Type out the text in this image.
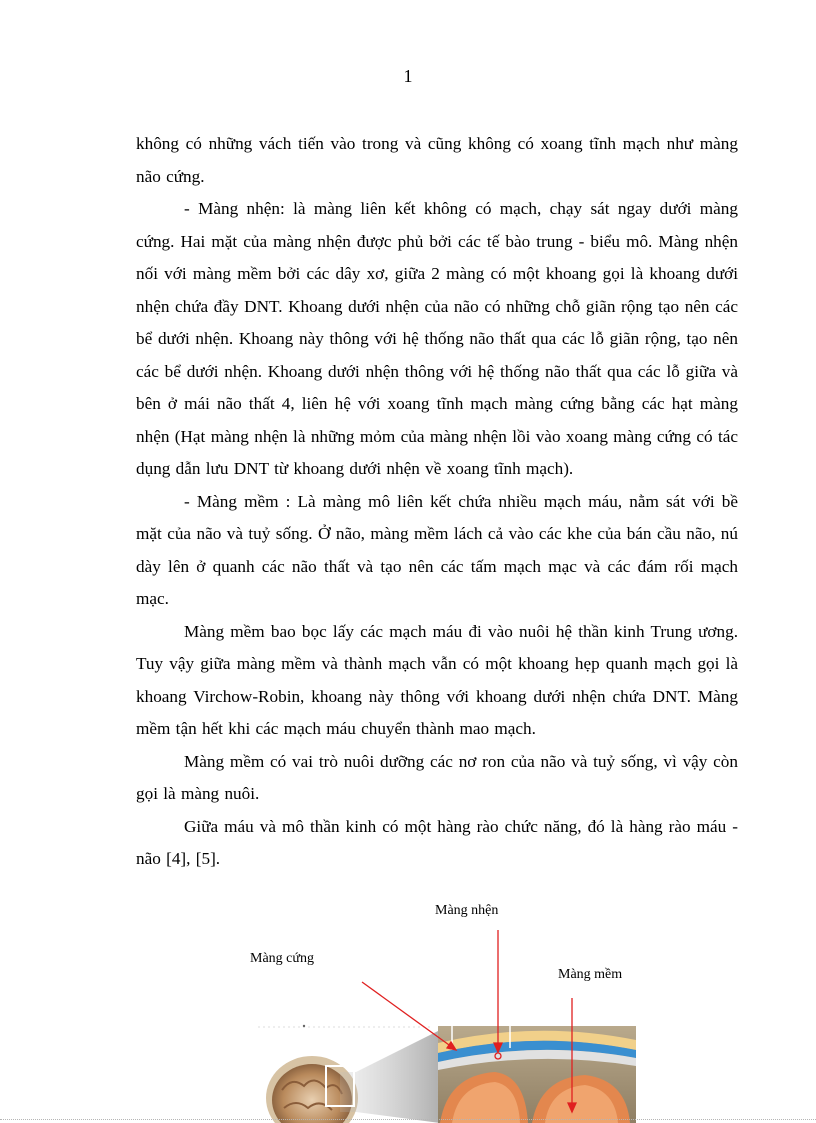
1

không có những vách tiến vào trong và cũng không có xoang tĩnh mạch như màng não cứng.

- Màng nhện: là màng liên kết không có mạch, chạy sát ngay dưới màng cứng. Hai mặt của màng nhện được phủ bởi các tế bào trung - biểu mô. Màng nhện nối với màng mềm bởi các dây xơ, giữa 2 màng có một khoang gọi là khoang dưới nhện chứa đầy DNT. Khoang dưới nhện của não có những chỗ giãn rộng tạo nên các bể dưới nhện. Khoang này thông với hệ thống não thất qua các lỗ giãn rộng, tạo nên các bể dưới nhện. Khoang dưới nhện thông với hệ thống não thất qua các lỗ giữa và bên ở mái não thất 4, liên hệ với xoang tĩnh mạch màng cứng bằng các hạt màng nhện (Hạt màng nhện là những mỏm của màng nhện lồi vào xoang màng cứng có tác dụng dẫn lưu DNT từ khoang dưới nhện về xoang tĩnh mạch).

- Màng mềm : Là màng mô liên kết chứa nhiều mạch máu, nằm sát với bề mặt của não và tuỷ sống. Ở não, màng mềm lách cả vào các khe của bán cầu não, nú dày lên ở quanh các não thất và tạo nên các tấm mạch mạc và các đám rối mạch mạc.

Màng mềm bao bọc lấy các mạch máu đi vào nuôi hệ thần kinh Trung ương. Tuy vậy giữa màng mềm và thành mạch vẫn có một khoang hẹp quanh mạch gọi là khoang Virchow-Robin, khoang này thông với khoang dưới nhện chứa DNT. Màng mềm tận hết khi các mạch máu chuyển thành mao mạch.

Màng mềm có vai trò nuôi dưỡng các nơ ron của não và tuỷ sống, vì vậy còn gọi là màng nuôi.

Giữa máu và mô thần kinh có một hàng rào chức năng, đó là hàng rào máu - não [4], [5].

Màng nhện
Màng cứng
Màng mềm
